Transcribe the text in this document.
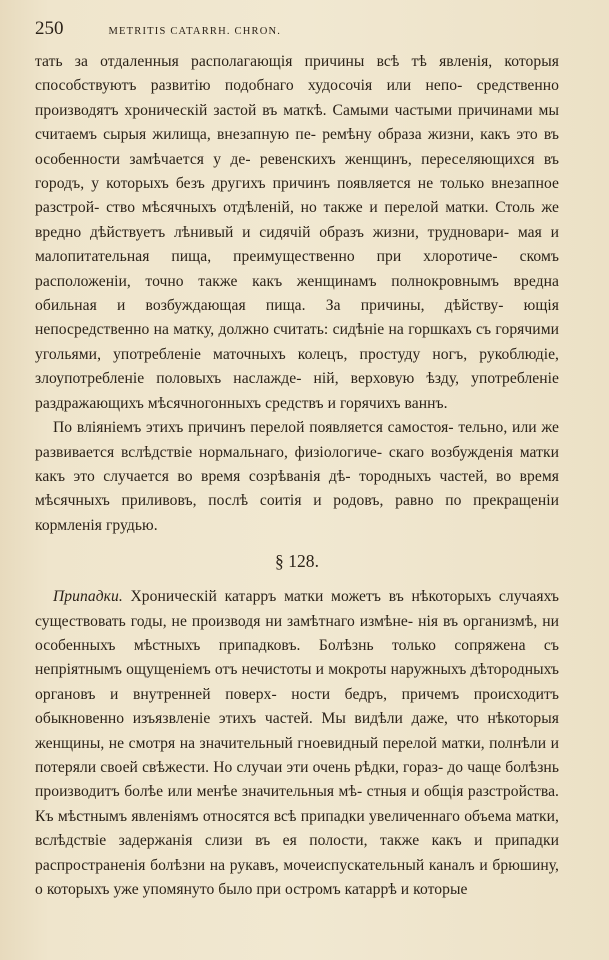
250	METRITIS CATARRH. CHRON.

тать за отдаленныя располагающія причины всѣ тѣ явленія, которыя способствуютъ развитію подобнаго худосочія или непо- средственно производятъ хроническій застой въ маткѣ. Самыми частыми причинами мы считаемъ сырыя жилища, внезапную пе- ремѣну образа жизни, какъ это въ особенности замѣчается у де- ревенскихъ женщинъ, переселяющихся въ городъ, у которыхъ безъ другихъ причинъ появляется не только внезапное разстрой- ство мѣсячныхъ отдѣленій, но также и перелой матки. Столь же вредно дѣйствуетъ лѣнивый и сидячій образъ жизни, трудновари- мая и малопитательная пища, преимущественно при хлоротиче- скомъ расположеніи, точно также какъ женщинамъ полнокровнымъ вредна обильная и возбуждающая пища. За причины, дѣйству- ющія непосредственно на матку, должно считать: сидѣніе на горшкахъ съ горячими угольями, употребленіе маточныхъ колецъ, простуду ногъ, рукоблюдіе, злоупотребленіе половыхъ наслажде- ній, верховую ѣзду, употребленіе раздражающихъ мѣсячногонныхъ средствъ и горячихъ ваннъ.

По вліяніемъ этихъ причинъ перелой появляется самостоя- тельно, или же развивается вслѣдствіе нормальнаго, физіологиче- скаго возбужденія матки какъ это случается во время созрѣванія дѣ- тородныхъ частей, во время мѣсячныхъ приливовъ, послѣ соитія и родовъ, равно по прекращеніи кормленія грудью.

§ 128.

Припадки. Хроническій катарръ матки можетъ въ нѣкоторыхъ случаяхъ существовать годы, не производя ни замѣтнаго измѣне- нія въ организмѣ, ни особенныхъ мѣстныхъ припадковъ. Болѣзнь только сопряжена съ непріятнымъ ощущеніемъ отъ нечистоты и мокроты наружныхъ дѣтородныхъ органовъ и внутренней поверх- ности бедръ, причемъ происходитъ обыкновенно изъязвленіе этихъ частей. Мы видѣли даже, что нѣкоторыя женщины, не смотря на значительный гноевидный перелой матки, полнѣли и потеряли своей свѣжести. Но случаи эти очень рѣдки, гораз- до чаще болѣзнь производитъ болѣе или менѣе значительныя мѣ- стныя и общія разстройства. Къ мѣстнымъ явленіямъ относятся всѣ припадки увеличеннаго объема матки, вслѣдствіе задержанія слизи въ ея полости, также какъ и припадки распространенія болѣзни на рукавъ, мочеиспускательный каналъ и брюшину, о которыхъ уже упомянуто было при остромъ катаррѣ и которые
